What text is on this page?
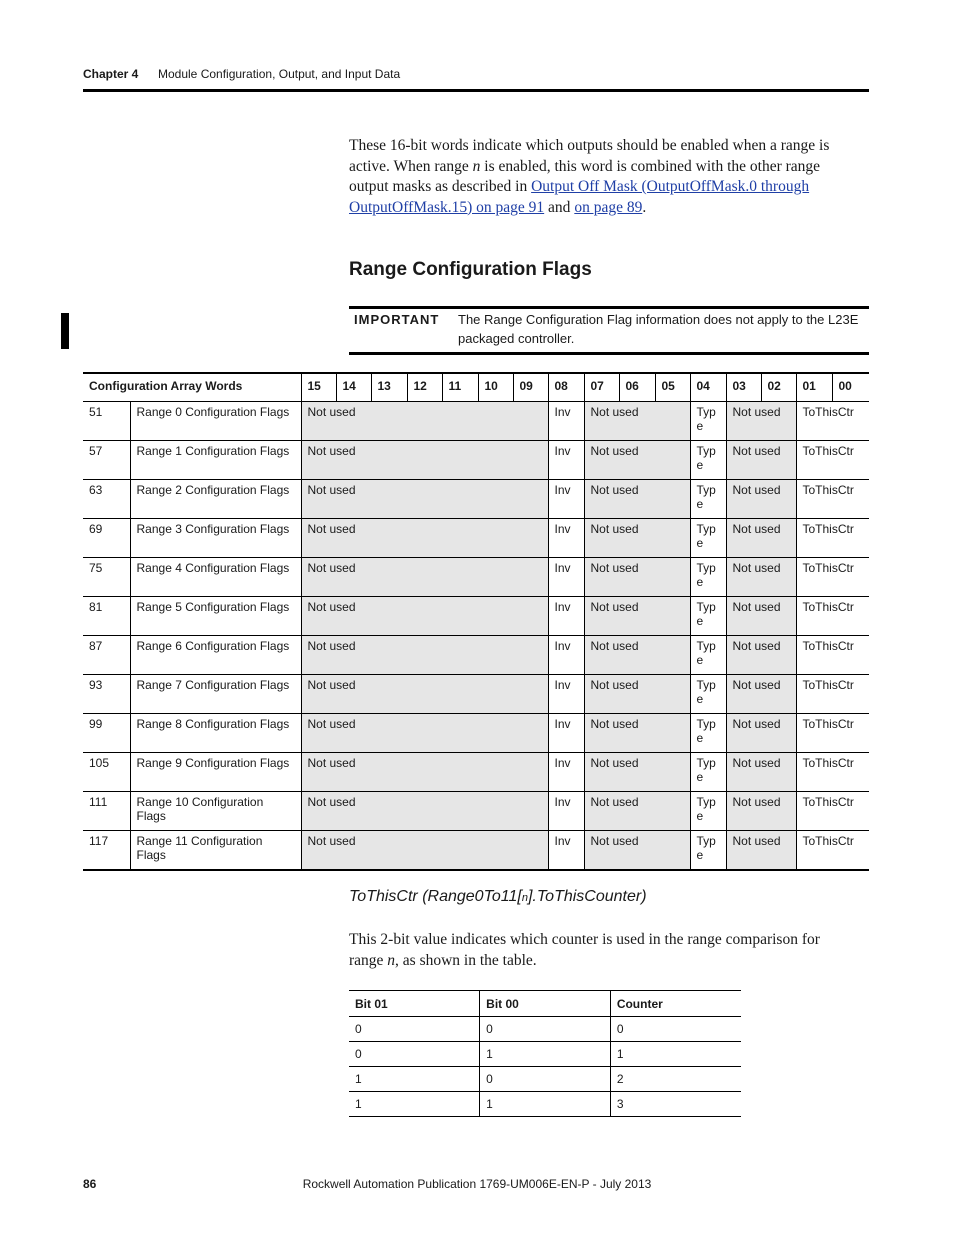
Chapter 4 Module Configuration, Output, and Input Data
These 16-bit words indicate which outputs should be enabled when a range is active. When range n is enabled, this word is combined with the other range output masks as described in Output Off Mask (OutputOffMask.0 through OutputOffMask.15) on page 91 and on page 89.
Range Configuration Flags
IMPORTANT The Range Configuration Flag information does not apply to the L23E packaged controller.
Configuration Array Words		15	14	13	12	11	10	09	08	07	06	05	04	03	02	01	00
51	Range 0 Configuration Flags	Not used							Inv	Not used			Typ e	Not used		ToThisCtr	
57	Range 1 Configuration Flags	Not used							Inv	Not used			Typ e	Not used		ToThisCtr	
63	Range 2 Configuration Flags	Not used							Inv	Not used			Typ e	Not used		ToThisCtr	
69	Range 3 Configuration Flags	Not used							Inv	Not used			Typ e	Not used		ToThisCtr	
75	Range 4 Configuration Flags	Not used							Inv	Not used			Typ e	Not used		ToThisCtr	
81	Range 5 Configuration Flags	Not used							Inv	Not used			Typ e	Not used		ToThisCtr	
87	Range 6 Configuration Flags	Not used							Inv	Not used			Typ e	Not used		ToThisCtr	
93	Range 7 Configuration Flags	Not used							Inv	Not used			Typ e	Not used		ToThisCtr	
99	Range 8 Configuration Flags	Not used							Inv	Not used			Typ e	Not used		ToThisCtr	
105	Range 9 Configuration Flags	Not used							Inv	Not used			Typ e	Not used		ToThisCtr	
111	Range 10 Configuration Flags	Not used							Inv	Not used			Typ e	Not used		ToThisCtr	
117	Range 11 Configuration Flags	Not used							Inv	Not used			Typ e	Not used		ToThisCtr	
ToThisCtr (Range0To11[n].ToThisCounter)
This 2-bit value indicates which counter is used in the range comparison for range n, as shown in the table.
Bit 01	Bit 00	Counter
0	0	0
0	1	1
1	0	2
1	1	3
86	Rockwell Automation Publication 1769-UM006E-EN-P - July 2013
